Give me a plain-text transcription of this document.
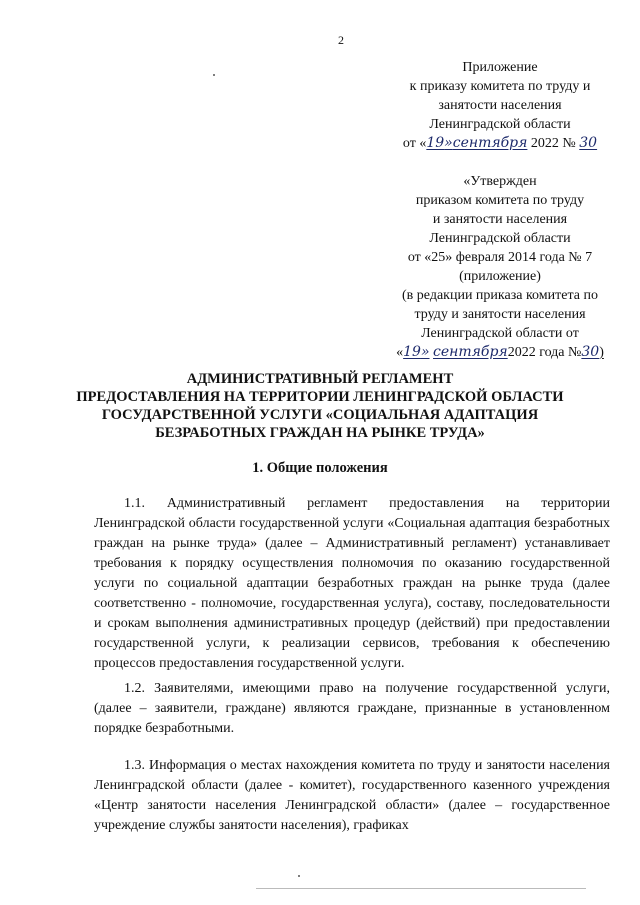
2
Приложение
к приказу комитета по труду и
занятости населения
Ленинградской области
от «19»сентября 2022 № 30
«Утвержден
приказом комитета по труду
и занятости населения
Ленинградской области
от «25» февраля 2014 года № 7
(приложение)
(в редакции приказа комитета по
труду и занятости населения
Ленинградской области от
«19» сентября2022 года №30)
АДМИНИСТРАТИВНЫЙ РЕГЛАМЕНТ
ПРЕДОСТАВЛЕНИЯ НА ТЕРРИТОРИИ ЛЕНИНГРАДСКОЙ ОБЛАСТИ
ГОСУДАРСТВЕННОЙ УСЛУГИ «СОЦИАЛЬНАЯ АДАПТАЦИЯ
БЕЗРАБОТНЫХ ГРАЖДАН НА РЫНКЕ ТРУДА»
1. Общие положения

1.1. Административный регламент предоставления на территории Ленинградской области государственной услуги «Социальная адаптация безработных граждан на рынке труда» (далее – Административный регламент) устанавливает требования к порядку осуществления полномочия по оказанию государственной услуги по социальной адаптации безработных граждан на рынке труда (далее соответственно - полномочие, государственная услуга), составу, последовательности и срокам выполнения административных процедур (действий) при предоставлении государственной услуги, к реализации сервисов, требования к обеспечению процессов предоставления государственной услуги.

1.2. Заявителями, имеющими право на получение государственной услуги, (далее – заявители, граждане) являются граждане, признанные в установленном порядке безработными.

1.3. Информация о местах нахождения комитета по труду и занятости населения Ленинградской области (далее - комитет), государственного казенного учреждения «Центр занятости населения Ленинградской области» (далее – государственное учреждение службы занятости населения), графиках
